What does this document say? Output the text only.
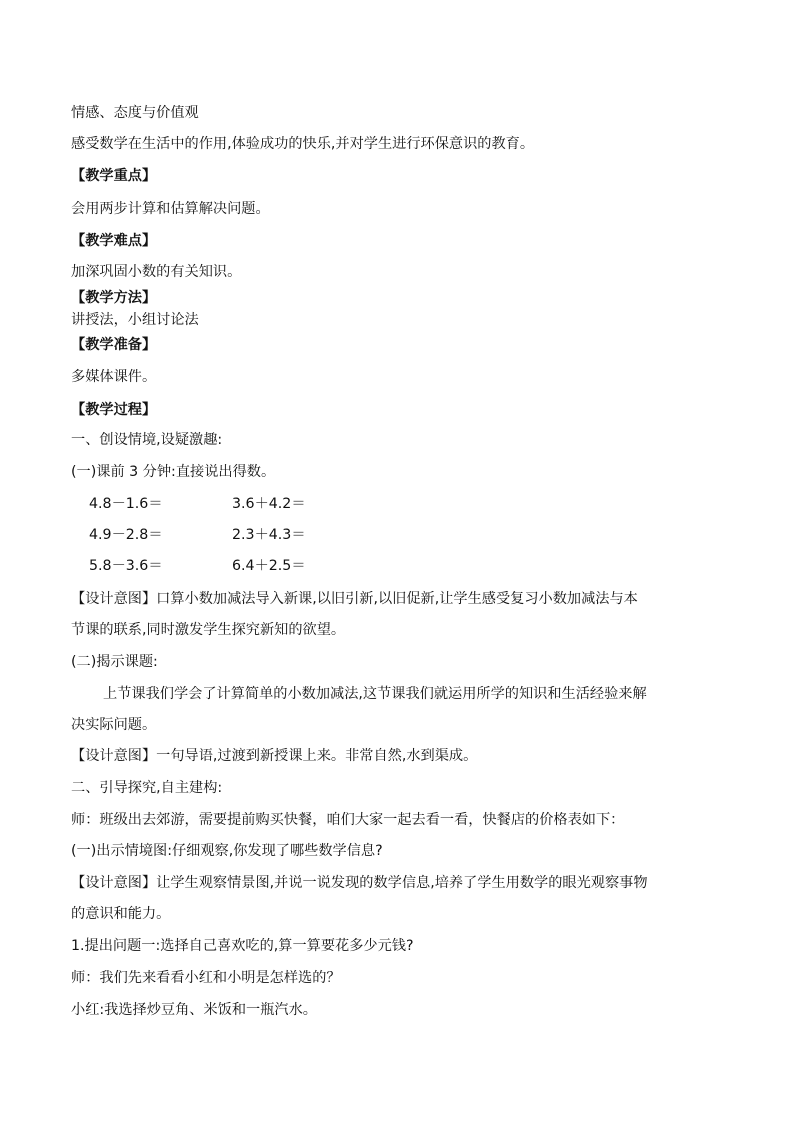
情感、态度与价值观
感受数学在生活中的作用,体验成功的快乐,并对学生进行环保意识的教育。
【教学重点】
会用两步计算和估算解决问题。
【教学难点】
加深巩固小数的有关知识。
【教学方法】
讲授法，小组讨论法
【教学准备】
多媒体课件。
【教学过程】
一、创设情境,设疑激趣:
(一)课前 3 分钟:直接说出得数。
4.8－1.6＝	3.6＋4.2＝
4.9－2.8＝	2.3＋4.3＝
5.8－3.6＝	6.4＋2.5＝
【设计意图】口算小数加减法导入新课,以旧引新,以旧促新,让学生感受复习小数加减法与本
节课的联系,同时激发学生探究新知的欲望。
(二)揭示课题:
上节课我们学会了计算简单的小数加减法,这节课我们就运用所学的知识和生活经验来解
决实际问题。
【设计意图】一句导语,过渡到新授课上来。非常自然,水到渠成。
二、引导探究,自主建构:
师：班级出去郊游，需要提前购买快餐，咱们大家一起去看一看，快餐店的价格表如下：
(一)出示情境图:仔细观察,你发现了哪些数学信息?
【设计意图】让学生观察情景图,并说一说发现的数学信息,培养了学生用数学的眼光观察事物
的意识和能力。
1.提出问题一:选择自己喜欢吃的,算一算要花多少元钱?
师：我们先来看看小红和小明是怎样选的？
小红:我选择炒豆角、米饭和一瓶汽水。
